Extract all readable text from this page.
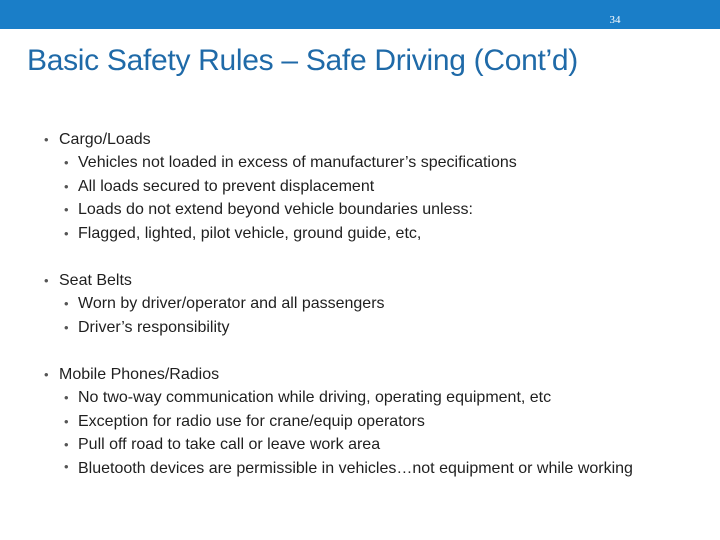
34
Basic Safety Rules – Safe Driving (Cont’d)
• Cargo/Loads
• Vehicles not loaded in excess of manufacturer’s specifications
• All loads secured to prevent displacement
• Loads do not extend beyond vehicle boundaries unless:
• Flagged, lighted, pilot vehicle, ground guide, etc,
• Seat Belts
• Worn by driver/operator and all passengers
• Driver’s responsibility
• Mobile Phones/Radios
• No two-way communication while driving, operating equipment, etc
• Exception for radio use for crane/equip operators
• Pull off road to take call or leave work area
• Bluetooth devices are permissible in vehicles…not equipment or while working
